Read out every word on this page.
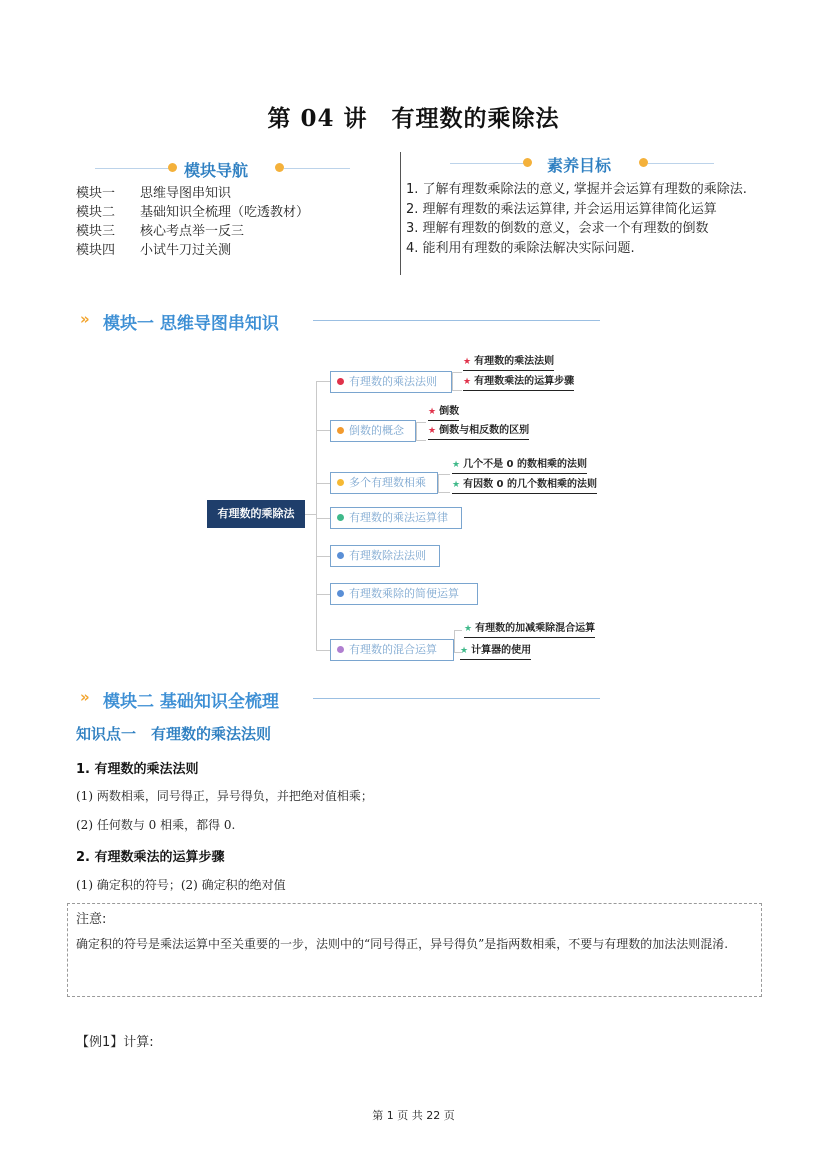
第 04 讲　有理数的乘除法
模块导航
模块一 思维导图串知识
模块二 基础知识全梳理（吃透教材）
模块三 核心考点举一反三
模块四 小试牛刀过关测
素养目标
1. 了解有理数乘除法的意义, 掌握并会运算有理数的乘除法.
2. 理解有理数的乘法运算律, 并会运用运算律简化运算
3. 理解有理数的倒数的意义，会求一个有理数的倒数
4. 能利用有理数的乘除法解决实际问题.
» 模块一 思维导图串知识
有理数的乘除法
有理数的乘法法则
★ 有理数的乘法法则
★ 有理数乘法的运算步骤
倒数的概念
★ 倒数
★ 倒数与相反数的区别
多个有理数相乘
★ 几个不是 0 的数相乘的法则
★ 有因数 0 的几个数相乘的法则
有理数的乘法运算律
有理数除法法则
有理数乘除的简便运算
有理数的混合运算
★ 有理数的加减乘除混合运算
★ 计算器的使用
» 模块二 基础知识全梳理
知识点一　有理数的乘法法则
1. 有理数的乘法法则
(1) 两数相乘，同号得正，异号得负，并把绝对值相乘；
(2) 任何数与 0 相乘，都得 0.
2. 有理数乘法的运算步骤
(1) 确定积的符号；(2) 确定积的绝对值
注意:
确定积的符号是乘法运算中至关重要的一步，法则中的“同号得正，异号得负”是指两数相乘，不要与有理数的加法法则混淆.
【例1】计算:
第 1 页 共 22 页
